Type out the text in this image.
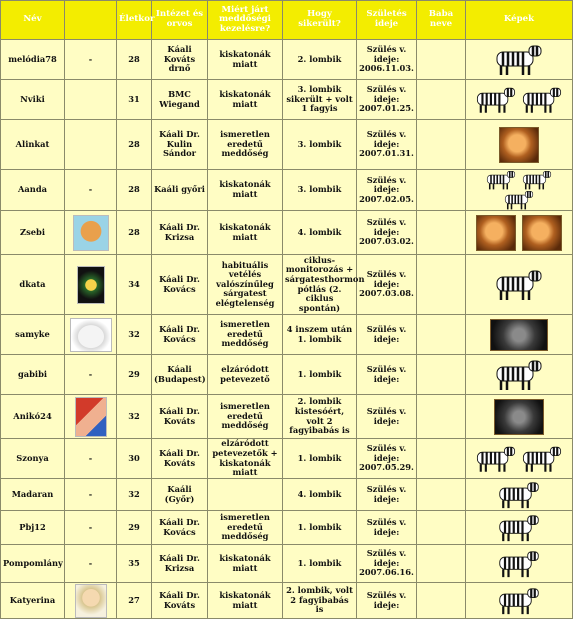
Név		Életkor	Intézet és orvos	Miért járt meddőségi kezelésre?	Hogy sikerült?	Születés ideje	Baba neve	Képek
melódia78	-	28	Káali Kováts drnő	kiskatonák miatt	2. lombik	Szülés v. ideje: 2006.11.03.		

Nviki		31	BMC Wiegand	kiskatonák miatt	3. lombik sikerült + volt 1 fagyis	Szülés v. ideje: 2007.01.25.		
Alinkat		28	Káali Dr. Kulin Sándor	ismeretlen eredetű meddőség	3. lombik	Szülés v. ideje: 2007.01.31.		
Aanda	-	28	Kaáli győri	kiskatonák miatt	3. lombik	Szülés v. ideje: 2007.02.05.		
Zsebi		28	Káali Dr. Krizsa	kiskatonák miatt	4. lombik	Szülés v. ideje: 2007.03.02.		
dkata		34	Káali Dr. Kovács	habituális vetélés valószínűleg sárgatest elégtelenség	ciklus- monitorozás + sárgatesthormon pótlás (2. ciklus spontán)	Szülés v. ideje: 2007.03.08.		

samyke		32	Káali Dr. Kovács	ismeretlen eredetű meddőség	4 inszem után 1. lombik	Szülés v. ideje:		
gabibi	-	29	Káali (Budapest)	elzáródott petevezető	1. lombik	Szülés v. ideje:		

Anikó24		32	Káali Dr. Kováts	ismeretlen eredetű meddőség	2. lombik kistesóért, volt 2 fagyibabás is	Szülés v. ideje:		
Szonya	-	30	Káali Dr. Kováts	elzáródott petevezetők + kiskatonák miatt	1. lombik	Szülés v. ideje: 2007.05.29.		
Madaran	-	32	Kaáli (Győr)		4. lombik	Szülés v. ideje:		

Pbj12	-	29	Káali Dr. Kovács	ismeretlen eredetű meddőség	1. lombik	Szülés v. ideje:		

Pompomlány	-	35	Káali Dr. Krizsa	kiskatonák miatt	1. lombik	Szülés v. ideje: 2007.06.16.		

Katyerina		27	Káali Dr. Kováts	kiskatonák miatt	2. lombik, volt 2 fagyibabás is	Szülés v. ideje:		
